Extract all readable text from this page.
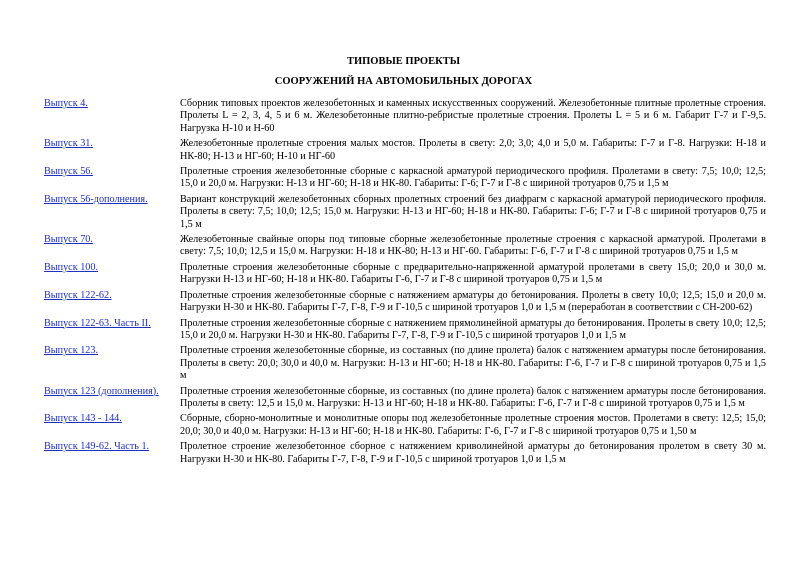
ТИПОВЫЕ ПРОЕКТЫ
СООРУЖЕНИЙ НА АВТОМОБИЛЬНЫХ ДОРОГАХ
Выпуск 4.	Сборник типовых проектов железобетонных и каменных искусственных сооружений. Железобетонные плитные пролетные строения. Пролеты L = 2, 3, 4, 5 и 6 м. Железобетонные плитно-ребристые пролетные строения. Пролеты L = 5 и 6 м. Габарит Г-7 и Г-9,5. Нагрузка Н-10 и Н-60
Выпуск 31.	Железобетонные пролетные строения малых мостов. Пролеты в свету: 2,0; 3,0; 4,0 и 5,0 м. Габариты: Г-7 и Г-8. Нагрузки: Н-18 и НК-80; Н-13 и НГ-60; Н-10 и НГ-60
Выпуск 56.	Пролетные строения железобетонные сборные с каркасной арматурой периодического профиля. Пролетами в свету: 7,5; 10,0; 12,5; 15,0 и 20,0 м. Нагрузки: Н-13 и НГ-60; Н-18 и НК-80. Габариты: Г-6; Г-7 и Г-8 с шириной тротуаров 0,75 и 1,5 м
Выпуск 56-дополнения.	Вариант конструкций железобетонных сборных пролетных строений без диафрагм с каркасной арматурой периодического профиля. Пролеты в свету: 7,5; 10,0; 12,5; 15,0 м. Нагрузки: Н-13 и НГ-60; Н-18 и НК-80. Габариты: Г-6; Г-7 и Г-8 с шириной тротуаров 0,75 и 1,5 м
Выпуск 70.	Железобетонные свайные опоры под типовые сборные железобетонные пролетные строения с каркасной арматурой. Пролетами в свету: 7,5; 10,0; 12,5 и 15,0 м. Нагрузки: Н-18 и НК-80; Н-13 и НГ-60. Габариты: Г-6, Г-7 и Г-8 с шириной тротуаров 0,75 и 1,5 м
Выпуск 100.	Пролетные строения железобетонные сборные с предварительно-напряженной арматурой пролетами в свету 15,0; 20,0 и 30,0 м. Нагрузки Н-13 и НГ-60; Н-18 и НК-80. Габариты Г-6, Г-7 и Г-8 с шириной тротуаров 0,75 и 1,5 м
Выпуск 122-62.	Пролетные строения железобетонные сборные с натяжением арматуры до бетонирования. Пролеты в свету 10,0; 12,5; 15,0 и 20,0 м. Нагрузки Н-30 и НК-80. Габариты Г-7, Г-8, Г-9 и Г-10,5 с шириной тротуаров 1,0 и 1,5 м (переработан в соответствии с СН-200-62)
Выпуск 122-63. Часть II.	Пролетные строения железобетонные сборные с натяжением прямолинейной арматуры до бетонирования. Пролеты в свету 10,0; 12,5; 15,0 и 20,0 м. Нагрузки Н-30 и НК-80. Габариты Г-7, Г-8, Г-9 и Г-10,5 с шириной тротуаров 1,0 и 1,5 м
Выпуск 123.	Пролетные строения железобетонные сборные, из составных (по длине пролета) балок с натяжением арматуры после бетонирования. Пролеты в свету: 20,0; 30,0 и 40,0 м. Нагрузки: Н-13 и НГ-60; Н-18 и НК-80. Габариты: Г-6, Г-7 и Г-8 с шириной тротуаров 0,75 и 1,5 м
Выпуск 123 (дополнения).	Пролетные строения железобетонные сборные, из составных (по длине пролета) балок с натяжением арматуры после бетонирования. Пролеты в свету: 12,5 и 15,0 м. Нагрузки: Н-13 и НГ-60; Н-18 и НК-80. Габариты: Г-6, Г-7 и Г-8 с шириной тротуаров 0,75 и 1,5 м
Выпуск 143 - 144.	Сборные, сборно-монолитные и монолитные опоры под железобетонные пролетные строения мостов. Пролетами в свету: 12,5; 15,0; 20,0; 30,0 и 40,0 м. Нагрузки: Н-13 и НГ-60; Н-18 и НК-80. Габариты: Г-6, Г-7 и Г-8 с шириной тротуаров 0,75 и 1,50 м
Выпуск 149-62. Часть 1.	Пролетное строение железобетонное сборное с натяжением криволинейной арматуры до бетонирования пролетом в свету 30 м. Нагрузки Н-30 и НК-80. Габариты Г-7, Г-8, Г-9 и Г-10,5 с шириной тротуаров 1,0 и 1,5 м
